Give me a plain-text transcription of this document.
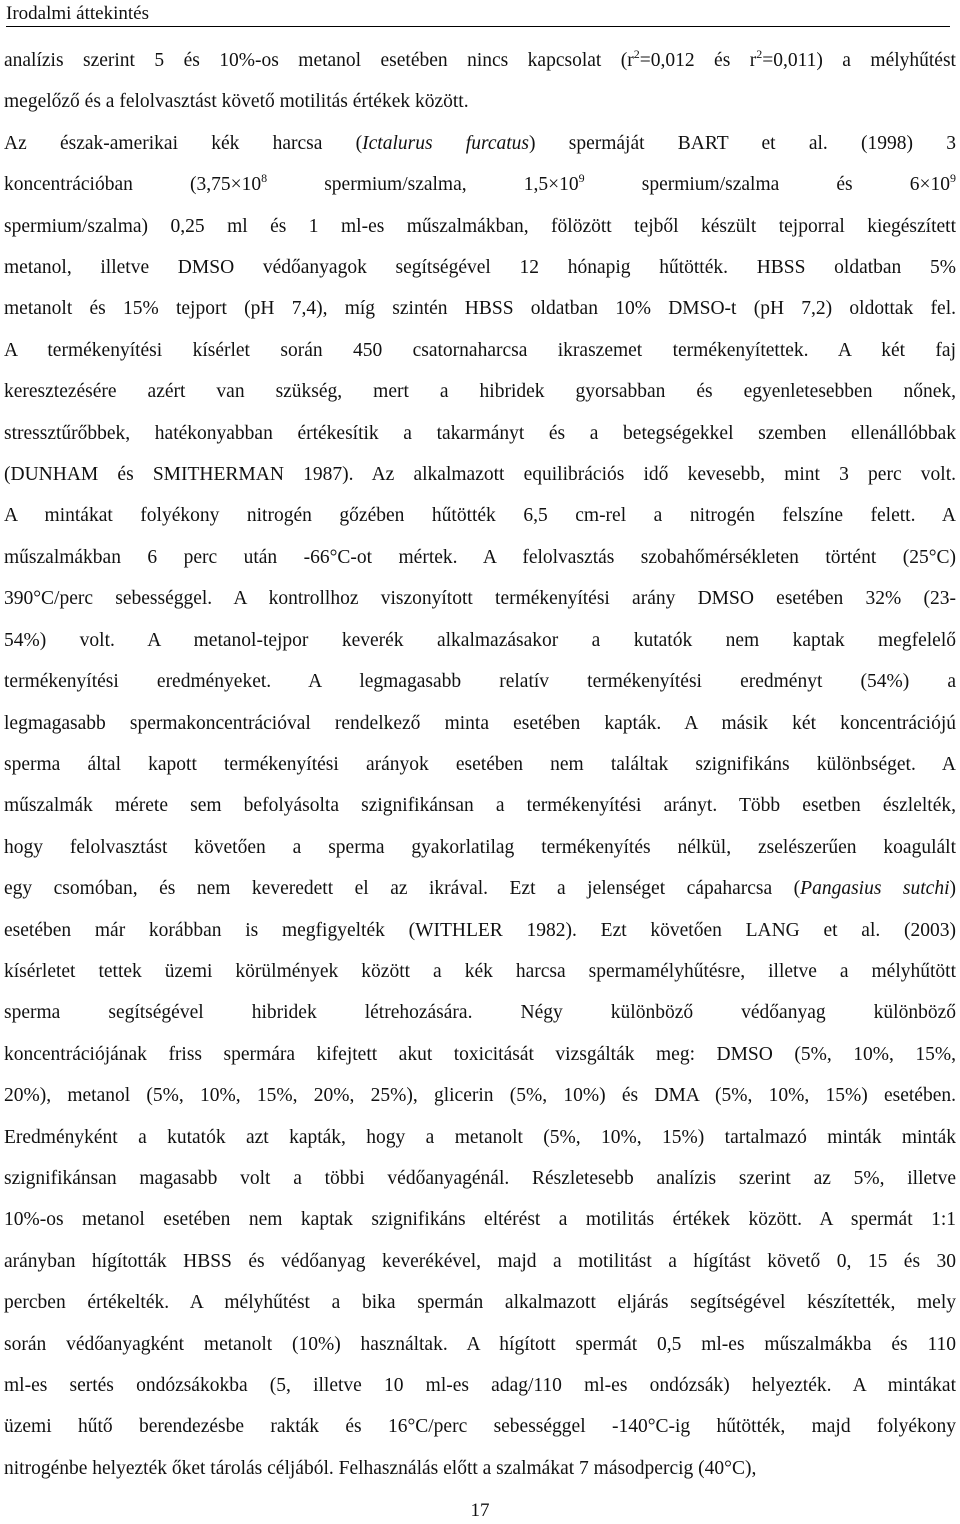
Irodalmi áttekintés
analízis szerint 5 és 10%-os metanol esetében nincs kapcsolat ($r^2=0,012$ és $r^2=0,011$) a mélyhűtést
megelőző és a felolvasztást követő motilitás értékek között.
Az észak-amerikai kék harcsa (Ictalurus furcatus) spermáját BART et al. (1998) 3
koncentrációban ($3,75\times 10^8$ spermium/szalma, $1,5\times 10^9$ spermium/szalma és $6\times 10^9$
spermium/szalma) 0,25 ml és 1 ml-es műszalmákban, fölözött tejből készült tejporral kiegészített
metanol, illetve DMSO védőanyagok segítségével 12 hónapig hűtötték. HBSS oldatban 5%
metanolt és 15% tejport (pH 7,4), míg szintén HBSS oldatban 10% DMSO-t (pH 7,2) oldottak fel.
A termékenyítési kísérlet során 450 csatornaharcsa ikraszemet termékenyítettek. A két faj
keresztezésére azért van szükség, mert a hibridek gyorsabban és egyenletesebben nőnek,
stressztűrőbbek, hatékonyabban értékesítik a takarmányt és a betegségekkel szemben ellenállóbbak
(DUNHAM és SMITHERMAN 1987). Az alkalmazott equilibrációs idő kevesebb, mint 3 perc volt.
A mintákat folyékony nitrogén gőzében hűtötték 6,5 cm-rel a nitrogén felszíne felett. A
műszalmákban 6 perc után -66°C-ot mértek. A felolvasztás szobahőmérsékleten történt (25°C)
390°C/perc sebességgel. A kontrollhoz viszonyított termékenyítési arány DMSO esetében 32% (23-
54%) volt. A metanol-tejpor keverék alkalmazásakor a kutatók nem kaptak megfelelő
termékenyítési eredményeket. A legmagasabb relatív termékenyítési eredményt (54%) a
legmagasabb spermakoncentrációval rendelkező minta esetében kapták. A másik két koncentrációjú
sperma által kapott termékenyítési arányok esetében nem találtak szignifikáns különbséget. A
műszalmák mérete sem befolyásolta szignifikánsan a termékenyítési arányt. Több esetben észlelték,
hogy felolvasztást követően a sperma gyakorlatilag termékenyítés nélkül, zselészerűen koagulált
egy csomóban, és nem keveredett el az ikrával. Ezt a jelenséget cápaharcsa (Pangasius sutchi)
esetében már korábban is megfigyelték (WITHLER 1982). Ezt követően LANG et al. (2003)
kísérletet tettek üzemi körülmények között a kék harcsa spermamélyhűtésre, illetve a mélyhűtött
sperma segítségével hibridek létrehozására. Négy különböző védőanyag különböző
koncentrációjának friss spermára kifejtett akut toxicitását vizsgálták meg: DMSO (5%, 10%, 15%,
20%), metanol (5%, 10%, 15%, 20%, 25%), glicerin (5%, 10%) és DMA (5%, 10%, 15%) esetében.
Eredményként a kutatók azt kapták, hogy a metanolt (5%, 10%, 15%) tartalmazó minták minták
szignifikánsan magasabb volt a többi védőanyagénál. Részletesebb analízis szerint az 5%, illetve
10%-os metanol esetében nem kaptak szignifikáns eltérést a motilitás értékek között. A spermát 1:1
arányban hígították HBSS és védőanyag keverékével, majd a motilitást a hígítást követő 0, 15 és 30
percben értékelték. A mélyhűtést a bika spermán alkalmazott eljárás segítségével készítették, mely
során védőanyagként metanolt (10%) használtak. A hígított spermát 0,5 ml-es műszalmákba és 110
ml-es sertés ondózsákokba (5, illetve 10 ml-es adag/110 ml-es ondózsák) helyezték. A mintákat
üzemi hűtő berendezésbe rakták és 16°C/perc sebességgel -140°C-ig hűtötték, majd folyékony
nitrogénbe helyezték őket tárolás céljából. Felhasználás előtt a szalmákat 7 másodpercig (40°C),
17
